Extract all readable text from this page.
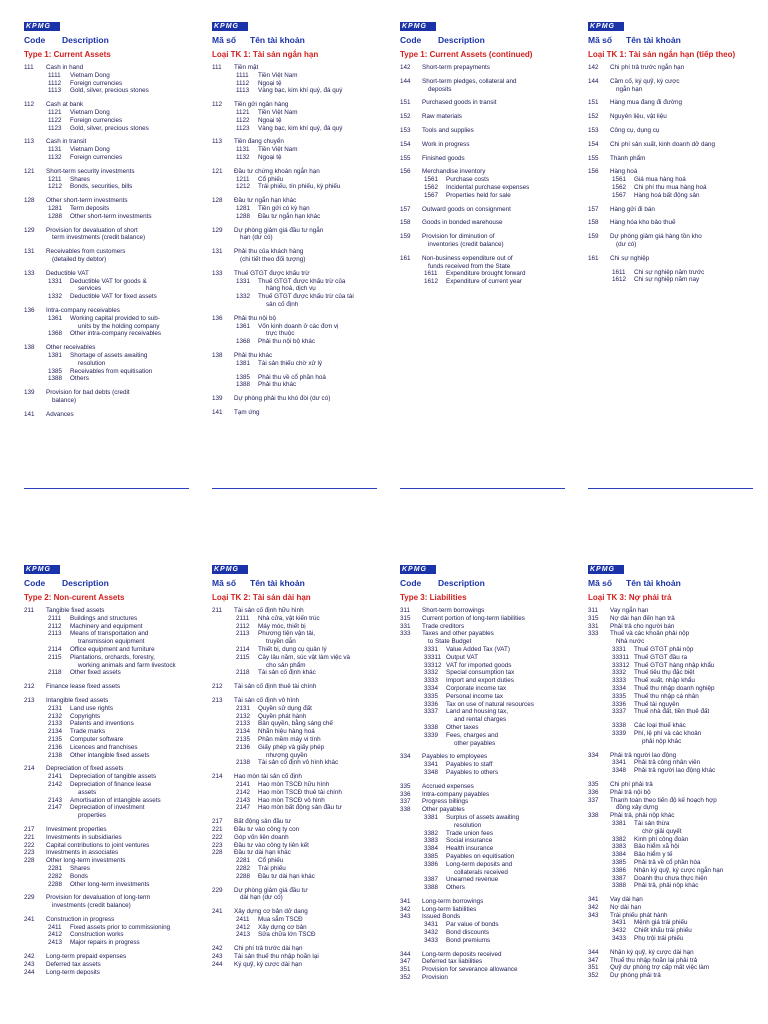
KPMG
Code Description
Type 1: Current Assets
111 Cash in hand
1111 Vietnam Dong
1112 Foreign currencies
1113 Gold, silver, precious stones
112 Cash at bank
1121 Vietnam Dong
1122 Foreign currencies
1123 Gold, silver, precious stones
113 Cash in transit
1131 Vietnam Dong
1132 Foreign currencies
121 Short-term security investments
1211 Shares
1212 Bonds, securities, bills
128 Other short-term investments
1281 Term deposits
1288 Other short-term investments
129 Provision for devaluation of short
term investments (credit balance)
131 Receivables from customers
(detailed by debtor)
133 Deductible VAT
1331 Deductible VAT for goods &
services
1332 Deductible VAT for fixed assets
136 Intra-company receivables
1361 Working capital provided to sub-
units by the holding company
1368 Other intra-company receivables
138 Other receivables
1381 Shortage of assets awaiting
resolution
1385 Receivables from equitisation
1388 Others
139 Provision for bad debts (credit
balance)
141 Advances
KPMG
Mã số Tên tài khoản
Loại TK 1: Tài sản ngắn hạn
111 Tiền mặt
1111 Tiền Việt Nam
1112 Ngoại tệ
1113 Vàng bạc, kim khí quý, đá quý
112 Tiền gửi ngân hàng
1121 Tiền Việt Nam
1122 Ngoại tệ
1123 Vàng bạc, kim khí quý, đá quý
113 Tiền đang chuyển
1131 Tiền Việt Nam
1132 Ngoại tệ
121 Đầu tư chứng khoán ngắn hạn
1211 Cổ phiếu
1212 Trái phiếu, tín phiếu, kỳ phiếu
128 Đầu tư ngắn hạn khác
1281 Tiền gửi có kỳ hạn
1288 Đầu tư ngắn hạn khác
129 Dự phòng giảm giá đầu tư ngắn
hạn (dư có)
131 Phải thu của khách hàng
(chi tiết theo đối tượng)
133 Thuế GTGT được khấu trừ
1331 Thuế GTGT được khấu trừ của
hàng hoá, dịch vụ
1332 Thuế GTGT được khấu trừ của tài
sản cố định
136 Phải thu nội bộ
1361 Vốn kinh doanh ở các đơn vị
trực thuộc
1368 Phải thu nội bộ khác
138 Phải thu khác
1381 Tài sản thiếu chờ xử lý
1385 Phải thu về cổ phần hoá
1388 Phải thu khác
139 Dự phòng phải thu khó đòi (dư có)
141 Tạm ứng
KPMG
Code Description
Type 1: Current Assets (continued)
142 Short-term prepayments
144 Short-term pledges, collateral and
deposits
151 Purchased goods in transit
152 Raw materials
153 Tools and supplies
154 Work in progress
155 Finished goods
156 Merchandise inventory
1561 Purchase costs
1562 Incidental purchase expenses
1567 Properties held for sale
157 Outward goods on consignment
158 Goods in bonded warehouse
159 Provision for diminution of
inventories (credit balance)
161 Non-business expenditure out of
funds received from the State
1611 Expenditure brought forward
1612 Expenditure of current year
KPMG
Mã số Tên tài khoản
Loại TK 1: Tài sản ngắn hạn (tiếp theo)
142 Chi phí trả trước ngắn hạn
144 Cầm cố, ký quỹ, ký cược
ngắn hạn
151 Hàng mua đang đi đường
152 Nguyên liệu, vật liệu
153 Công cụ, dụng cụ
154 Chi phí sản xuất, kinh doanh dở dang
155 Thành phẩm
156 Hàng hoá
1561 Giá mua hàng hoá
1562 Chi phí thu mua hàng hoá
1567 Hàng hoá bất động sản
157 Hàng gửi đi bán
158 Hàng hóa kho bảo thuế
159 Dự phòng giảm giá hàng tồn kho
(dư có)
161 Chi sự nghiệp
1611 Chi sự nghiệp năm trước
1612 Chi sự nghiệp năm nay
KPMG
Code Description
Type 2: Non-curent Assets
211 Tangible fixed assets
2111 Buildings and structures
2112 Machinery and equipment
2113 Means of transportation and
transmission equipment
2114 Office equipment and furniture
2115 Plantations, orchards, forestry,
working animals and farm livestock
2118 Other fixed assets
212 Finance lease fixed assets
213 Intangible fixed assets
2131 Land use rights
2132 Copyrights
2133 Patents and inventions
2134 Trade marks
2135 Computer software
2136 Licences and franchises
2138 Other intangible fixed assets
214 Depreciation of fixed assets
2141 Depreciation of tangible assets
2142 Depreciation of finance lease
assets
2143 Amortisation of intangible assets
2147 Depreciation of investment
properties
217 Investment properties
221 Investments in subsidiaries
222 Capital contributions to joint ventures
223 Investments in associates
228 Other long-term investments
2281 Shares
2282 Bonds
2288 Other long-term investments
229 Provision for devaluation of long-term
investments (credit balance)
241 Construction in progress
2411 Fixed assets prior to commissioning
2412 Construction works
2413 Major repairs in progress
242 Long-term prepaid expenses
243 Deferred tax assets
244 Long-term deposits
KPMG
Mã số Tên tài khoản
Loại TK 2: Tài sản dài hạn
211 Tài sản cố định hữu hình
2111 Nhà cửa, vật kiến trúc
2112 Máy móc, thiết bị
2113 Phương tiện vận tải,
truyền dẫn
2114 Thiết bị, dụng cụ quản lý
2115 Cây lâu năm, súc vật làm việc và
cho sản phẩm
2118 Tài sản cố định khác
212 Tài sản cố định thuê tài chính
213 Tài sản cố định vô hình
2131 Quyền sử dụng đất
2132 Quyền phát hành
2133 Bản quyền, bằng sáng chế
2134 Nhãn hiệu hàng hoá
2135 Phần mềm máy vi tính
2136 Giấy phép và giấy phép
nhượng quyền
2138 Tài sản cố định vô hình khác
214 Hao mòn tài sản cố định
2141 Hao mòn TSCĐ hữu hình
2142 Hao mòn TSCĐ thuê tài chính
2143 Hao mòn TSCĐ vô hình
2147 Hao mòn bất động sản đầu tư
217 Bất động sản đầu tư
221 Đầu tư vào công ty con
222 Góp vốn liên doanh
223 Đầu tư vào công ty liên kết
228 Đầu tư dài hạn khác
2281 Cổ phiếu
2282 Trái phiếu
2288 Đầu tư dài hạn khác
229 Dự phòng giảm giá đầu tư
dài hạn (dư có)
241 Xây dựng cơ bản dở dang
2411 Mua sắm TSCĐ
2412 Xây dựng cơ bản
2413 Sửa chữa lớn TSCĐ
242 Chi phí trả trước dài hạn
243 Tài sản thuế thu nhập hoãn lại
244 Ký quỹ, ký cược dài hạn
KPMG
Code Description
Type 3: Liabilities
311 Short-term borrowings
315 Current portion of long-term liabilities
331 Trade creditors
333 Taxes and other payables
to State Budget
3331 Value Added Tax (VAT)
33311 Output VAT
33312 VAT for imported goods
3332 Special consumption tax
3333 Import and export duties
3334 Corporate income tax
3335 Personal income tax
3336 Tax on use of natural resources
3337 Land and housing tax,
and rental charges
3338 Other taxes
3339 Fees, charges and
other payables
334 Payables to employees
3341 Payables to staff
3348 Payables to others
335 Accrued expenses
336 Intra-company payables
337 Progress billings
338 Other payables
3381 Surplus of assets awaiting
resolution
3382 Trade union fees
3383 Social insurance
3384 Health insurance
3385 Payables on equitisation
3386 Long-term deposits and
collaterals received
3387 Unearned revenue
3388 Others
341 Long-term borrowings
342 Long-term liabilities
343 Issued Bonds
3431 Par value of bonds
3432 Bond discounts
3433 Bond premiums
344 Long-term deposits received
347 Deferred tax liabilities
351 Provision for severance allowance
352 Provision
KPMG
Mã số Tên tài khoản
Loại TK 3: Nợ phải trả
311 Vay ngắn hạn
315 Nợ dài hạn đến hạn trả
331 Phải trả cho người bán
333 Thuế và các khoản phải nộp
Nhà nước
3331 Thuế GTGT phải nộp
33311 Thuế GTGT đầu ra
33312 Thuế GTGT hàng nhập khẩu
3332 Thuế tiêu thụ đặc biệt
3333 Thuế xuất, nhập khẩu
3334 Thuế thu nhập doanh nghiệp
3335 Thuế thu nhập cá nhân
3336 Thuế tài nguyên
3337 Thuế nhà đất, tiền thuê đất
3338 Các loại thuế khác
3339 Phí, lệ phí và các khoản
phải nộp khác
334 Phải trả người lao động
3341 Phải trả công nhân viên
3348 Phải trả người lao động khác
335 Chi phí phải trả
336 Phải trả nội bộ
337 Thanh toán theo tiến độ kế hoạch hợp
đồng xây dựng
338 Phải trả, phải nộp khác
3381 Tài sản thừa
chờ giải quyết
3382 Kinh phí công đoàn
3383 Bảo hiểm xã hội
3384 Bảo hiểm y tế
3385 Phải trả về cổ phần hóa
3386 Nhận ký quỹ, ký cược ngắn hạn
3387 Doanh thu chưa thực hiện
3388 Phải trả, phải nộp khác
341 Vay dài hạn
342 Nợ dài hạn
343 Trái phiếu phát hành
3431 Mệnh giá trái phiếu
3432 Chiết khấu trái phiếu
3433 Phụ trội trái phiếu
344 Nhận ký quỹ, ký cược dài hạn
347 Thuế thu nhập hoãn lại phải trả
351 Quỹ dự phòng trợ cấp mất việc làm
352 Dự phòng phải trả
